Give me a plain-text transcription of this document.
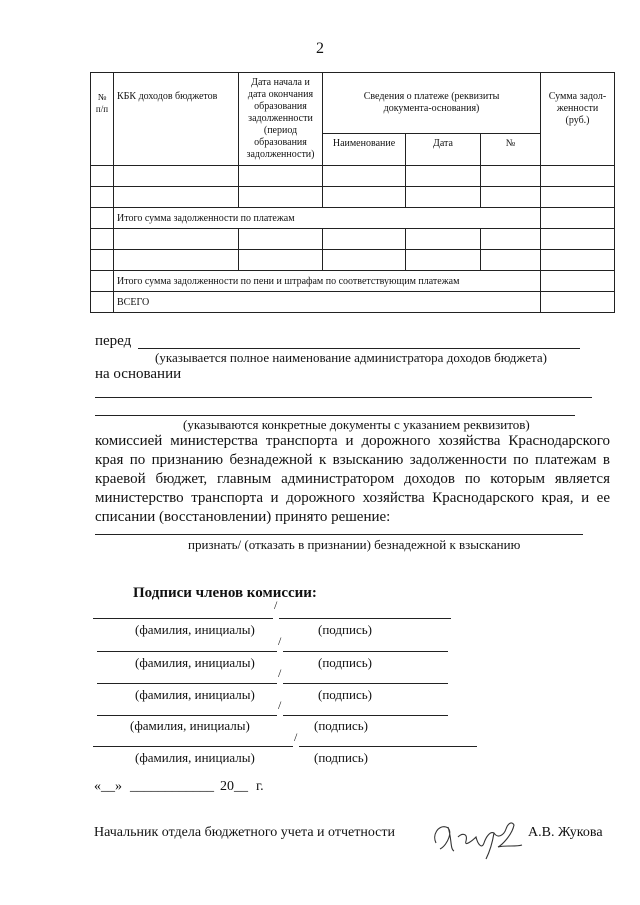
2
№ п/п	КБК доходов бюджетов	Дата начала и дата окончания образования задолженности (период образования задолженности)	Сведения о платеже (реквизиты документа-основания)			Сумма задол-женности (руб.)
			Наименование	Дата	№	

	Итого сумма задолженности по платежам					

	Итого сумма задолженности по пени и штрафам по соответствующим платежам					
	ВСЕГО					
перед
(указывается полное наименование администратора доходов бюджета)
на основании
(указываются конкретные документы с указанием реквизитов)
комиссией министерства транспорта и дорожного хозяйства Краснодарского
края по признанию безнадежной к взысканию задолженности по платежам в
краевой бюджет, главным администратором доходов по которым является
министерство транспорта и дорожного хозяйства Краснодарского края, и ее
списании (восстановлении) принято решение:
признать/ (отказать в признании) безнадежной к взысканию
Подписи членов комиссии:
/
(фамилия, инициалы)	(подпись)
/
(фамилия, инициалы)	(подпись)
/
(фамилия, инициалы)	(подпись)
/
(фамилия, инициалы)	(подпись)
/
(фамилия, инициалы)	(подпись)
«__» ____________ 20__ г.
Начальник отдела бюджетного учета и отчетности	А.В. Жукова
